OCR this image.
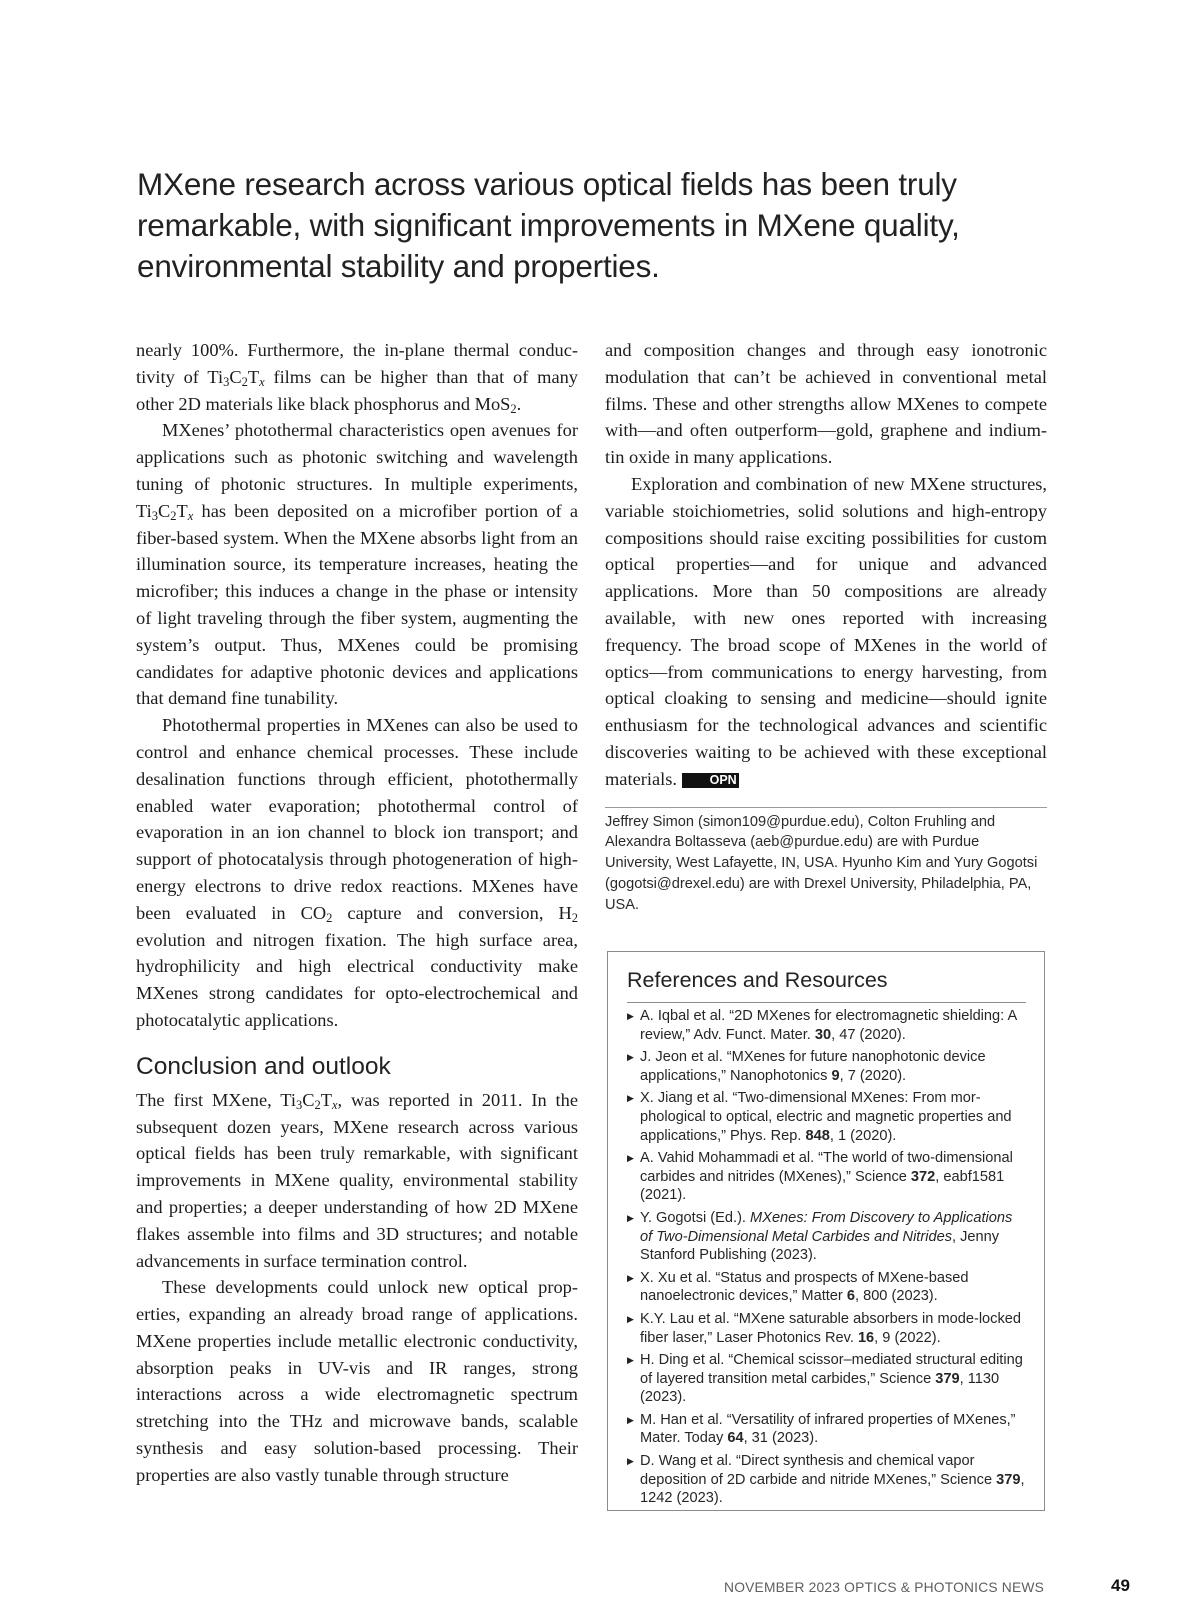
MXene research across various optical fields has been truly remarkable, with significant improvements in MXene quality, environmental stability and properties.

nearly 100%. Furthermore, the in-plane thermal conductivity of $Ti_3C_2T_x$ films can be higher than that of many other 2D materials like black phosphorus and MoS$_2$.

MXenes’ photothermal characteristics open avenues for applications such as photonic switching and wavelength tuning of photonic structures. In multiple experiments, $Ti_3C_2T_x$ has been deposited on a microfiber portion of a fiber-based system. When the MXene absorbs light from an illumination source, its temperature increases, heating the microfiber; this induces a change in the phase or intensity of light traveling through the fiber system, augmenting the system’s output. Thus, MXenes could be promising candidates for adaptive photonic devices and applications that demand fine tunability.

Photothermal properties in MXenes can also be used to control and enhance chemical processes. These include desalination functions through efficient, photothermally enabled water evaporation; photothermal control of evaporation in an ion channel to block ion transport; and support of photocatalysis through photogeneration of high-energy electrons to drive redox reactions. MXenes have been evaluated in $CO_2$ capture and conversion, $H_2$ evolution and nitrogen fixation. The high surface area, hydrophilicity and high electrical conductivity make MXenes strong candidates for opto-electrochemical and photocatalytic applications.

Conclusion and outlook

The first MXene, $Ti_3C_2T_x$, was reported in 2011. In the subsequent dozen years, MXene research across various optical fields has been truly remarkable, with significant improvements in MXene quality, environmental stability and properties; a deeper understanding of how 2D MXene flakes assemble into films and 3D structures; and notable advancements in surface termination control.

These developments could unlock new optical properties, expanding an already broad range of applications. MXene properties include metallic electronic conductivity, absorption peaks in UV-vis and IR ranges, strong interactions across a wide electromagnetic spectrum stretching into the THz and microwave bands, scalable synthesis and easy solution-based processing. Their properties are also vastly tunable through structure

and composition changes and through easy ionotronic modulation that can’t be achieved in conventional metal films. These and other strengths allow MXenes to compete with—and often outperform—gold, graphene and indium-tin oxide in many applications.

Exploration and combination of new MXene structures, variable stoichiometries, solid solutions and high-entropy compositions should raise exciting possibilities for custom optical properties—and for unique and advanced applications. More than 50 compositions are already available, with new ones reported with increasing frequency. The broad scope of MXenes in the world of optics—from communications to energy harvesting, from optical cloaking to sensing and medicine—should ignite enthusiasm for the technological advances and scientific discoveries waiting to be achieved with these exceptional materials. OPN

Jeffrey Simon (simon109@purdue.edu), Colton Fruhling and Alexandra Boltasseva (aeb@purdue.edu) are with Purdue University, West Lafayette, IN, USA. Hyunho Kim and Yury Gogotsi (gogotsi@drexel.edu) are with Drexel University, Philadelphia, PA, USA.

References and Resources
▶ A. Iqbal et al. “2D MXenes for electromagnetic shielding: A review,” Adv. Funct. Mater. 30, 47 (2020).
▶ J. Jeon et al. “MXenes for future nanophotonic device applications,” Nanophotonics 9, 7 (2020).
▶ X. Jiang et al. “Two-dimensional MXenes: From morphological to optical, electric and magnetic properties and applications,” Phys. Rep. 848, 1 (2020).
▶ A. Vahid Mohammadi et al. “The world of two-dimensional carbides and nitrides (MXenes),” Science 372, eabf1581 (2021).
▶ Y. Gogotsi (Ed.). MXenes: From Discovery to Applications of Two-Dimensional Metal Carbides and Nitrides, Jenny Stanford Publishing (2023).
▶ X. Xu et al. “Status and prospects of MXene-based nanoelectronic devices,” Matter 6, 800 (2023).
▶ K.Y. Lau et al. “MXene saturable absorbers in mode-locked fiber laser,” Laser Photonics Rev. 16, 9 (2022).
▶ H. Ding et al. “Chemical scissor–mediated structural editing of layered transition metal carbides,” Science 379, 1130 (2023).
▶ M. Han et al. “Versatility of infrared properties of MXenes,” Mater. Today 64, 31 (2023).
▶ D. Wang et al. “Direct synthesis and chemical vapor deposition of 2D carbide and nitride MXenes,” Science 379, 1242 (2023).
NOVEMBER 2023 OPTICS & PHOTONICS NEWS	49
